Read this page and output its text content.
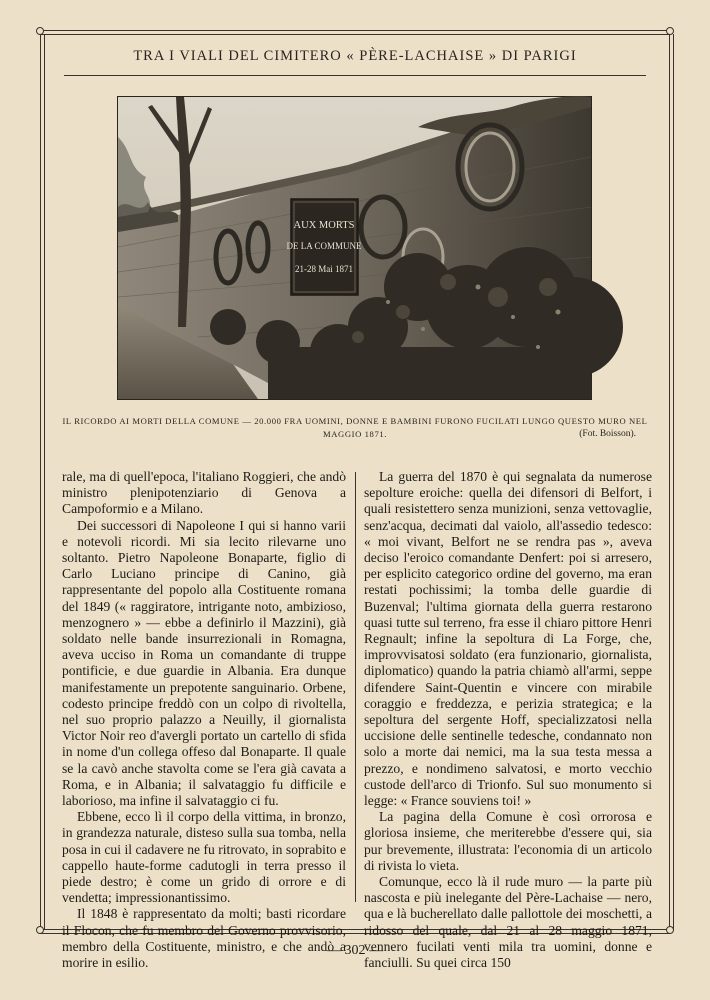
TRA I VIALI DEL CIMITERO « PÈRE-LACHAISE » DI PARIGI
AUX MORTS
DE LA COMMUNE
21-28 Mai 1871
IL RICORDO AI MORTI DELLA COMUNE — 20.000 FRA UOMINI, DONNE E BAMBINI FURONO FUCILATI LUNGO QUESTO MURO NEL MAGGIO 1871.	(Fot. Boisson).

rale, ma di quell'epoca, l'italiano Roggieri, che andò ministro plenipotenziario di Genova a Campoformio e a Milano.

Dei successori di Napoleone I qui si hanno varii e notevoli ricordi. Mi sia lecito rilevarne uno soltanto. Pietro Napoleone Bonaparte, figlio di Carlo Luciano principe di Canino, già rappresentante del popolo alla Costituente romana del 1849 (« raggiratore, intrigante noto, ambizioso, menzognero » — ebbe a definirlo il Mazzini), già soldato nelle bande insurrezionali in Romagna, aveva ucciso in Roma un comandante di truppe pontificie, e due guardie in Albania. Era dunque manifestamente un prepotente sanguinario. Orbene, codesto principe freddò con un colpo di rivoltella, nel suo proprio palazzo a Neuilly, il giornalista Victor Noir reo d'avergli portato un cartello di sfida in nome d'un collega offeso dal Bonaparte. Il quale se la cavò anche stavolta come se l'era già cavata a Roma, e in Albania; il salvataggio fu difficile e laborioso, ma infine il salvataggio ci fu.

Ebbene, ecco lì il corpo della vittima, in bronzo, in grandezza naturale, disteso sulla sua tomba, nella posa in cui il cadavere ne fu ritrovato, in soprabito e cappello haute-forme cadutogli in terra presso il piede destro; è come un grido di orrore e di vendetta; impressionantissimo.

Il 1848 è rappresentato da molti; basti ricordare il Flocon, che fu membro del Governo provvisorio, membro della Costituente, ministro, e che andò a morire in esilio.

La guerra del 1870 è qui segnalata da numerose sepolture eroiche: quella dei difensori di Belfort, i quali resistettero senza munizioni, senza vettovaglie, senz'acqua, decimati dal vaiolo, all'assedio tedesco: « moi vivant, Belfort ne se rendra pas », aveva deciso l'eroico comandante Denfert: poi si arresero, per esplicito categorico ordine del governo, ma eran restati pochissimi; la tomba delle guardie di Buzenval; l'ultima giornata della guerra restarono quasi tutte sul terreno, fra esse il chiaro pittore Henri Regnault; infine la sepoltura di La Forge, che, improvvisatosi soldato (era funzionario, giornalista, diplomatico) quando la patria chiamò all'armi, seppe difendere Saint-Quentin e vincere con mirabile coraggio e freddezza, e perizia strategica; e la sepoltura del sergente Hoff, specializzatosi nella uccisione delle sentinelle tedesche, condannato non solo a morte dai nemici, ma la sua testa messa a prezzo, e nondimeno salvatosi, e morto vecchio custode dell'arco di Trionfo. Sul suo monumento si legge: « France souviens toi! »

La pagina della Comune è così orrorosa e gloriosa insieme, che meriterebbe d'essere qui, sia pur brevemente, illustrata: l'economia di un articolo di rivista lo vieta.

Comunque, ecco là il rude muro — la parte più nascosta e più inelegante del Père-Lachaise — nero, qua e là bucherellato dalle pallottole dei moschetti, a ridosso del quale, dal 21 al 28 maggio 1871, vennero fucilati venti mila tra uomini, donne e fanciulli. Su quei circa 150

— 302 —
